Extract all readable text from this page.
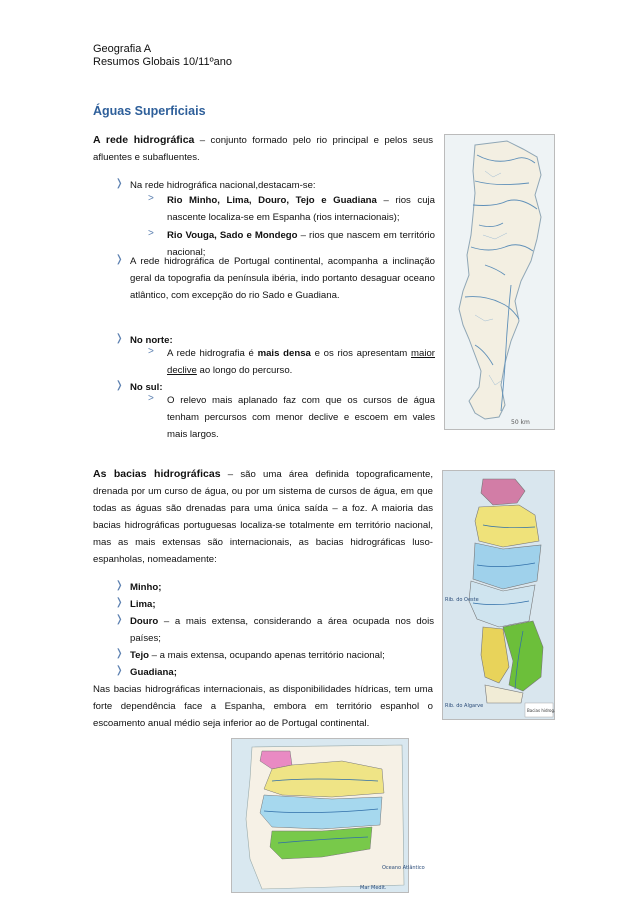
Geografia A
Resumos Globais 10/11ºano
Águas Superficiais
A rede hidrográfica – conjunto formado pelo rio principal e pelos seus afluentes e subafluentes.
❭ Na rede hidrográfica nacional,destacam-se:
> Rio Minho, Lima, Douro, Tejo e Guadiana – rios cuja nascente localiza-se em Espanha (rios internacionais);
> Rio Vouga, Sado e Mondego – rios que nascem em território nacional;
❭ A rede hidrográfica de Portugal continental, acompanha a inclinação geral da topografia da península ibéria, indo portanto desaguar oceano atlântico, com excepção do rio Sado e Guadiana.
❭ No norte:
> A rede hidrografia é mais densa e os rios apresentam maior declive ao longo do percurso.
❭ No sul:
> O relevo mais aplanado faz com que os cursos de água tenham percursos com menor declive e escoem em vales mais largos.
50 km
As bacias hidrográficas – são uma área definida topograficamente, drenada por um curso de água, ou por um sistema de cursos de água, em que todas as águas são drenadas para uma única saída – a foz. A maioria das bacias hidrográficas portuguesas localiza-se totalmente em território nacional, mas as mais extensas são internacionais, as bacias hidrográficas luso-espanholas, nomeadamente:
❭ Minho;
❭ Lima;
❭ Douro – a mais extensa, considerando a área ocupada nos dois países;
❭ Tejo – a mais extensa, ocupando apenas território nacional;
❭ Guadiana;
Nas bacias hidrográficas internacionais, as disponibilidades hídricas, tem uma forte dependência face a Espanha, embora em território espanhol o escoamento anual médio seja inferior ao de Portugal continental.
Rib. do Oeste
Rib. do Algarve
Bacias hidrog.
Oceano Atlântico
Mar Medit.
